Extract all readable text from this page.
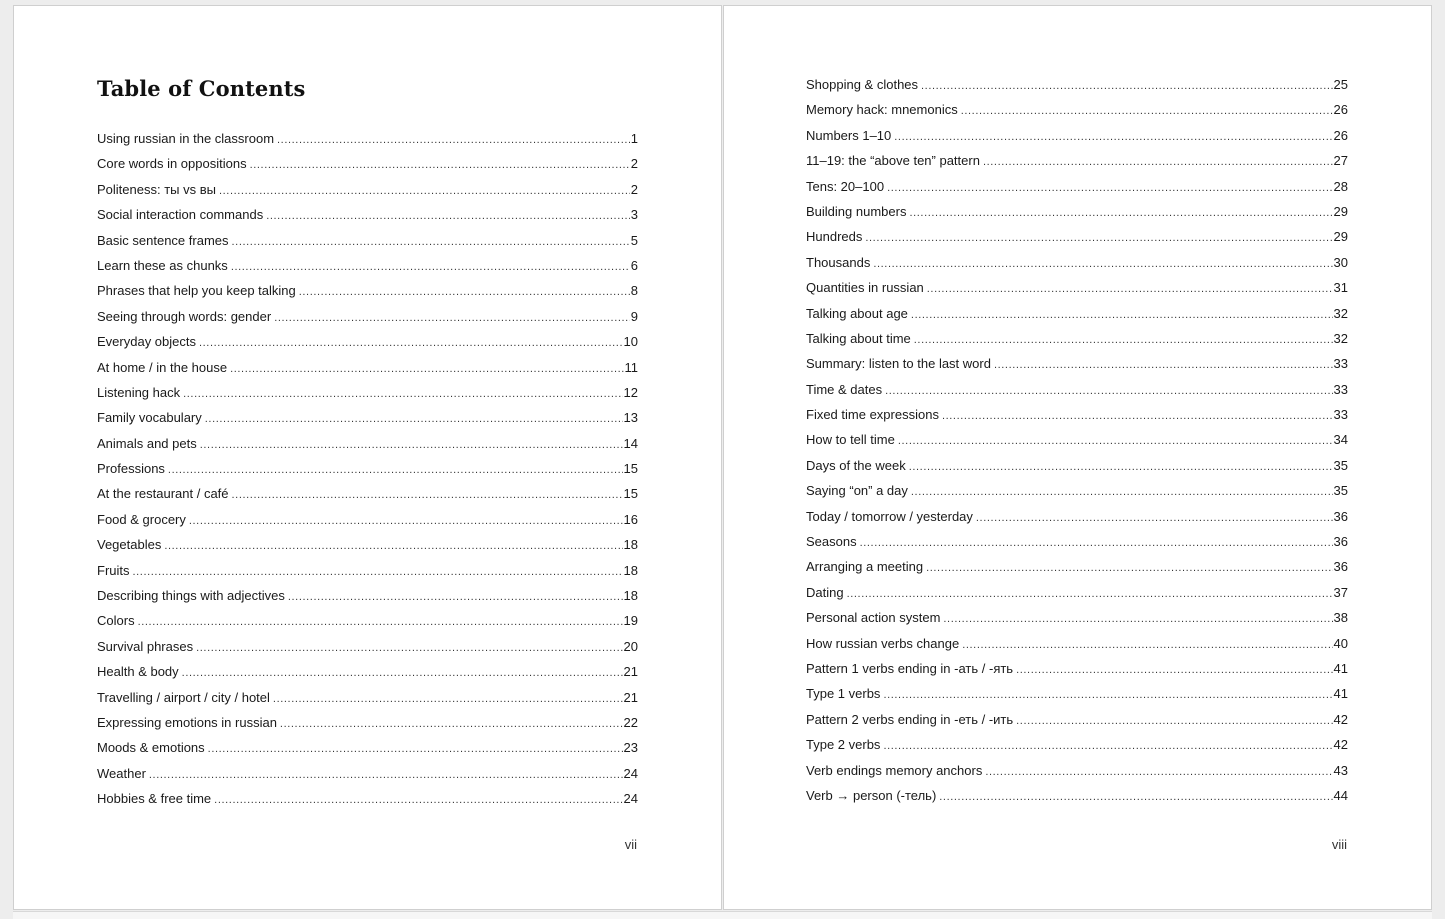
Table of Contents
Using russian in the classroom .....	1
Core words in oppositions .....	2
Politeness: ты vs вы .....	2
Social interaction commands .....	3
Basic sentence frames .....	5
Learn these as chunks .....	6
Phrases that help you keep talking .....	8
Seeing through words: gender .....	9
Everyday objects .....	10
At home / in the house .....	11
Listening hack .....	12
Family vocabulary .....	13
Animals and pets .....	14
Professions .....	15
At the restaurant / café .....	15
Food & grocery .....	16
Vegetables .....	18
Fruits .....	18
Describing things with adjectives .....	18
Colors .....	19
Survival phrases .....	20
Health & body .....	21
Travelling / airport / city / hotel .....	21
Expressing emotions in russian .....	22
Moods & emotions .....	23
Weather .....	24
Hobbies & free time .....	24
vii
Shopping & clothes .....	25
Memory hack: mnemonics .....	26
Numbers 1–10 .....	26
11–19: the “above ten” pattern .....	27
Tens: 20–100 .....	28
Building numbers .....	29
Hundreds .....	29
Thousands .....	30
Quantities in russian .....	31
Talking about age .....	32
Talking about time .....	32
Summary: listen to the last word .....	33
Time & dates .....	33
Fixed time expressions .....	33
How to tell time .....	34
Days of the week .....	35
Saying “on” a day .....	35
Today / tomorrow / yesterday .....	36
Seasons .....	36
Arranging a meeting .....	36
Dating .....	37
Personal action system .....	38
How russian verbs change .....	40
Pattern 1 verbs ending in -ать / -ять .....	41
Type 1 verbs .....	41
Pattern 2 verbs ending in -еть / -ить .....	42
Type 2 verbs .....	42
Verb endings memory anchors .....	43
Verb → person (-тель) .....	44
viii
